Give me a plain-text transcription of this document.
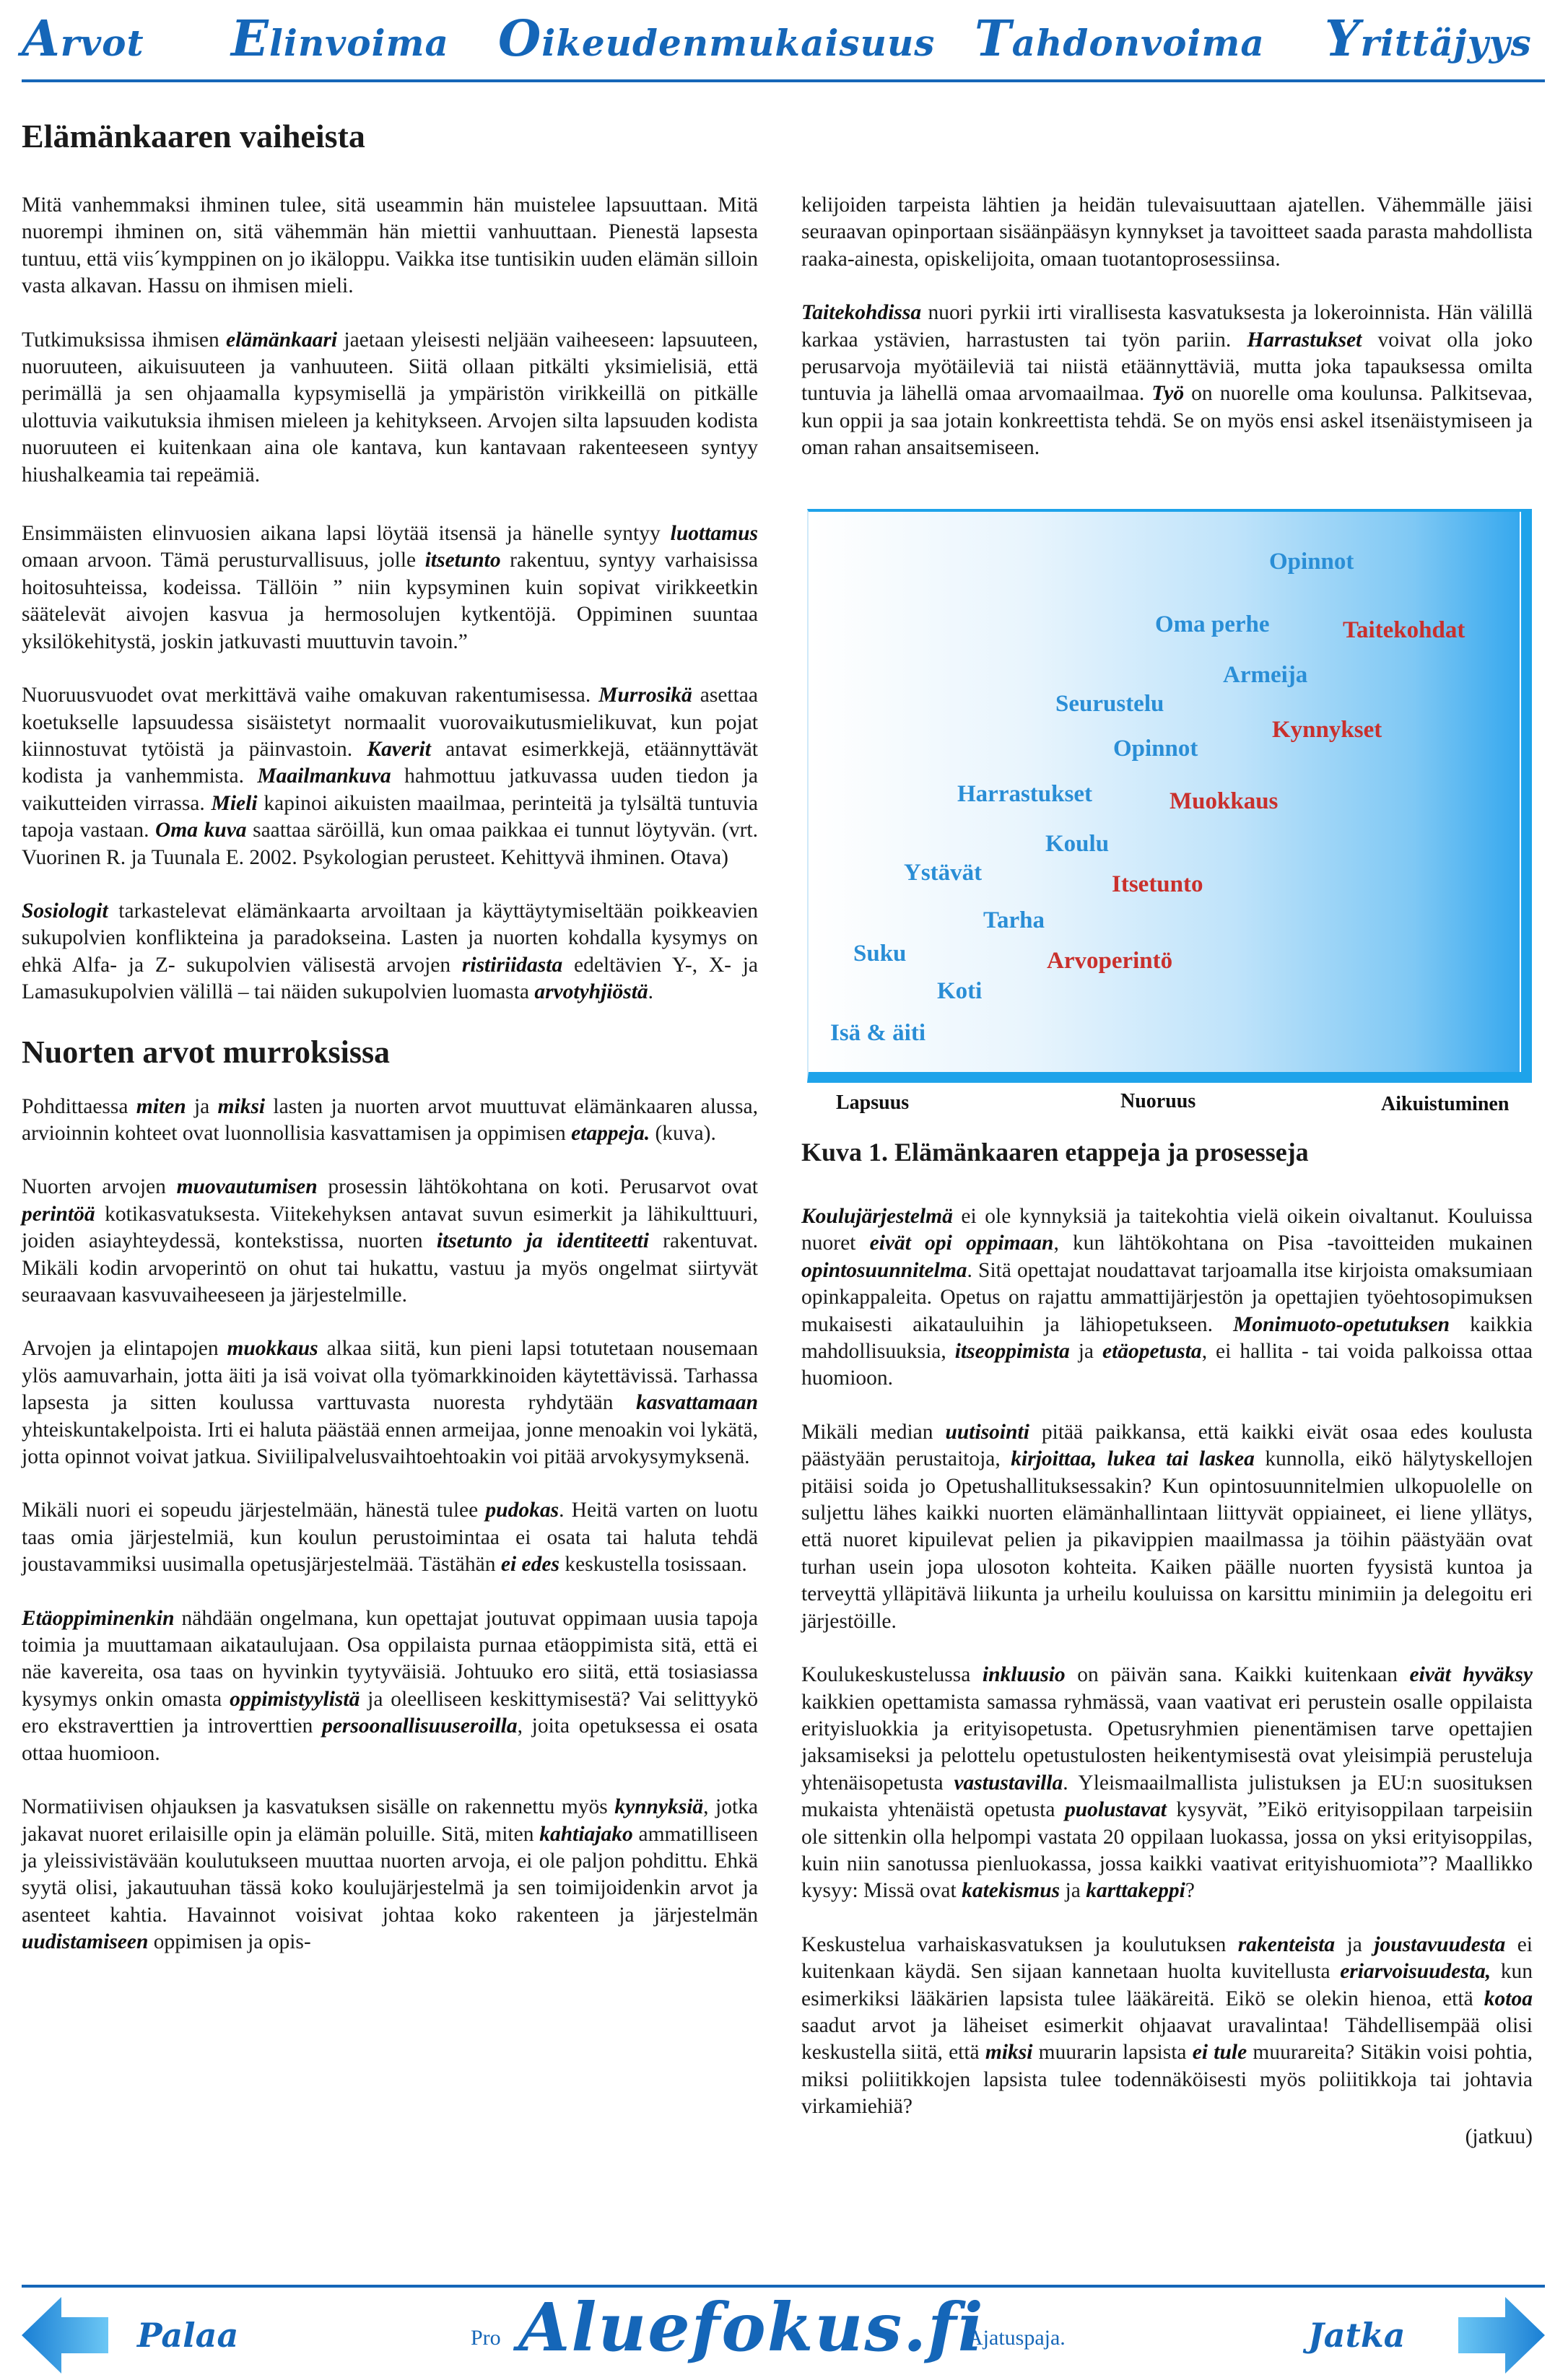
Arvot Elinvoima Oikeudenmukaisuus Tahdonvoima Yrittäjyys
Elämänkaaren vaiheista

Mitä vanhemmaksi ihminen tulee, sitä useammin hän muistelee lapsuuttaan. Mitä nuorempi ihminen on, sitä vähemmän hän miettii vanhuuttaan. Pienestä lapsesta tuntuu, että viis´kymppinen on jo ikäloppu. Vaikka itse tuntisikin uuden elämän silloin vasta alkavan. Hassu on ihmisen mieli.

Tutkimuksissa ihmisen elämänkaari jaetaan yleisesti neljään vaiheeseen: lapsuuteen, nuoruuteen, aikuisuuteen ja vanhuuteen. Siitä ollaan pitkälti yksimielisiä, että perimällä ja sen ohjaamalla kypsymisellä ja ympäristön virikkeillä on pitkälle ulottuvia vaikutuksia ihmisen mieleen ja kehitykseen. Arvojen silta lapsuuden kodista nuoruuteen ei kuitenkaan aina ole kantava, kun kantavaan rakenteeseen syntyy hiushalkeamia tai repeämiä.

Ensimmäisten elinvuosien aikana lapsi löytää itsensä ja hänelle syntyy luottamus omaan arvoon. Tämä perusturvallisuus, jolle itsetunto rakentuu, syntyy varhaisissa hoitosuhteissa, kodeissa. Tällöin ” niin kypsyminen kuin sopivat virikkeetkin säätelevät aivojen kasvua ja hermosolujen kytkentöjä. Oppiminen suuntaa yksilökehitystä, joskin jatkuvasti muuttuvin tavoin.”

Nuoruusvuodet ovat merkittävä vaihe omakuvan rakentumisessa. Murrosikä asettaa koetukselle lapsuudessa sisäistetyt normaalit vuorovaikutusmielikuvat, kun pojat kiinnostuvat tytöistä ja päinvastoin. Kaverit antavat esimerkkejä, etäännyttävät kodista ja vanhemmista. Maailmankuva hahmottuu jatkuvassa uuden tiedon ja vaikutteiden virrassa. Mieli kapinoi aikuisten maailmaa, perinteitä ja tylsältä tuntuvia tapoja vastaan. Oma kuva saattaa säröillä, kun omaa paikkaa ei tunnut löytyvän. (vrt. Vuorinen R. ja Tuunala E. 2002. Psykologian perusteet. Kehittyvä ihminen. Otava)

Sosiologit tarkastelevat elämänkaarta arvoiltaan ja käyttäytymiseltään poikkeavien sukupolvien konflikteina ja paradokseina. Lasten ja nuorten kohdalla kysymys on ehkä Alfa- ja Z- sukupolvien välisestä arvojen ristiriidasta edeltävien Y-, X- ja Lamasukupolvien välillä – tai näiden sukupolvien luomasta arvotyhjiöstä.

Nuorten arvot murroksissa

Pohdittaessa miten ja miksi lasten ja nuorten arvot muuttuvat elämänkaaren alussa, arvioinnin kohteet ovat luonnollisia kasvattamisen ja oppimisen etappeja. (kuva).

Nuorten arvojen muovautumisen prosessin lähtökohtana on koti. Perusarvot ovat perintöä kotikasvatuksesta. Viitekehyksen antavat suvun esimerkit ja lähikulttuuri, joiden asiayhteydessä, kontekstissa, nuorten itsetunto ja identiteetti rakentuvat. Mikäli kodin arvoperintö on ohut tai hukattu, vastuu ja myös ongelmat siirtyvät seuraavaan kasvuvaiheeseen ja järjestelmille.

Arvojen ja elintapojen muokkaus alkaa siitä, kun pieni lapsi totutetaan nousemaan ylös aamuvarhain, jotta äiti ja isä voivat olla työmarkkinoiden käytettävissä. Tarhassa lapsesta ja sitten koulussa varttuvasta nuoresta ryhdytään kasvattamaan yhteiskuntakelpoista. Irti ei haluta päästää ennen armeijaa, jonne menoakin voi lykätä, jotta opinnot voivat jatkua. Siviilipalvelusvaihtoehtoakin voi pitää arvokysymyksenä.

Mikäli nuori ei sopeudu järjestelmään, hänestä tulee pudokas. Heitä varten on luotu taas omia järjestelmiä, kun koulun perustoimintaa ei osata tai haluta tehdä joustavammiksi uusimalla opetusjärjestelmää. Tästähän ei edes keskustella tosissaan.

Etäoppiminenkin nähdään ongelmana, kun opettajat joutuvat oppimaan uusia tapoja toimia ja muuttamaan aikataulujaan. Osa oppilaista purnaa etäoppimista sitä, että ei näe kavereita, osa taas on hyvinkin tyytyväisiä. Johtuuko ero siitä, että tosiasiassa kysymys onkin omasta oppimistyylistä ja oleelliseen keskittymisestä? Vai selittyykö ero ekstraverttien ja introverttien persoonallisuuseroilla, joita opetuksessa ei osata ottaa huomioon.

Normatiivisen ohjauksen ja kasvatuksen sisälle on rakennettu myös kynnyksiä, jotka jakavat nuoret erilaisille opin ja elämän poluille. Sitä, miten kahtiajako ammatilliseen ja yleissivistävään koulutukseen muuttaa nuorten arvoja, ei ole paljon pohdittu. Ehkä syytä olisi, jakautuuhan tässä koko koulujärjestelmä ja sen toimijoidenkin arvot ja asenteet kahtia. Havainnot voisivat johtaa koko rakenteen ja järjestelmän uudistamiseen oppimisen ja opis-

kelijoiden tarpeista lähtien ja heidän tulevaisuuttaan ajatellen. Vähemmälle jäisi seuraavan opinportaan sisäänpääsyn kynnykset ja tavoitteet saada parasta mahdollista raaka-ainesta, opiskelijoita, omaan tuotantoprosessiinsa.

Taitekohdissa nuori pyrkii irti virallisesta kasvatuksesta ja lokeroinnista. Hän välillä karkaa ystävien, harrastusten tai työn pariin. Harrastukset voivat olla joko perusarvoja myötäileviä tai niistä etäännyttäviä, mutta joka tapauksessa omilta tuntuvia ja lähellä omaa arvomaailmaa. Työ on nuorelle oma koulunsa. Palkitsevaa, kun oppii ja saa jotain konkreettista tehdä. Se on myös ensi askel itsenäistymiseen ja oman rahan ansaitsemiseen.

Opinnot
Oma perhe	Taitekohdat
Armeija
Seurustelu
Kynnykset
Opinnot
Harrastukset	Muokkaus
Koulu
Ystävät	Itsetunto
Tarha
Suku	Arvoperintö
Koti
Isä & äiti
Lapsuus	Nuoruus	Aikuistuminen
Kuva 1. Elämänkaaren etappeja ja prosesseja

Koulujärjestelmä ei ole kynnyksiä ja taitekohtia vielä oikein oivaltanut. Kouluissa nuoret eivät opi oppimaan, kun lähtökohtana on Pisa -tavoitteiden mukainen opintosuunnitelma. Sitä opettajat noudattavat tarjoamalla itse kirjoista omaksumiaan opinkappaleita. Opetus on rajattu ammattijärjestön ja opettajien työehtosopimuksen mukaisesti aikatauluihin ja lähiopetukseen. Monimuoto-opetutuksen kaikkia mahdollisuuksia, itseoppimista ja etäopetusta, ei hallita - tai voida palkoissa ottaa huomioon.

Mikäli median uutisointi pitää paikkansa, että kaikki eivät osaa edes koulusta päästyään perustaitoja, kirjoittaa, lukea tai laskea kunnolla, eikö hälytyskellojen pitäisi soida jo Opetushallituksessakin? Kun opintosuunnitelmien ulkopuolelle on suljettu lähes kaikki nuorten elämänhallintaan liittyvät oppiaineet, ei liene yllätys, että nuoret kipuilevat pelien ja pikavippien maailmassa ja töihin päästyään ovat turhan usein jopa ulosoton kohteita. Kaiken päälle nuorten fyysistä kuntoa ja terveyttä ylläpitävä liikunta ja urheilu kouluissa on karsittu minimiin ja delegoitu eri järjestöille.

Koulukeskustelussa inkluusio on päivän sana. Kaikki kuitenkaan eivät hyväksy kaikkien opettamista samassa ryhmässä, vaan vaativat eri perustein osalle oppilaista erityisluokkia ja erityisopetusta. Opetusryhmien pienentämisen tarve opettajien jaksamiseksi ja pelottelu opetustulosten heikentymisestä ovat yleisimpiä perusteluja yhtenäisopetusta vastustavilla. Yleismaailmallista julistuksen ja EU:n suosituksen mukaista yhtenäistä opetusta puolustavat kysyvät, ”Eikö erityisoppilaan tarpeisiin ole sittenkin olla helpompi vastata 20 oppilaan luokassa, jossa on yksi erityisoppilas, kuin niin sanotussa pienluokassa, jossa kaikki vaativat erityishuomiota”? Maallikko kysyy: Missä ovat katekismus ja karttakeppi?

Keskustelua varhaiskasvatuksen ja koulutuksen rakenteista ja joustavuudesta ei kuitenkaan käydä. Sen sijaan kannetaan huolta kuvitellusta eriarvoisuudesta, kun esimerkiksi lääkärien lapsista tulee lääkäreitä. Eikö se olekin hienoa, että kotoa saadut arvot ja läheiset esimerkit ohjaavat uravalintaa! Tähdellisempää olisi keskustella siitä, että miksi muurarin lapsista ei tule muurareita? Sitäkin voisi pohtia, miksi poliitikkojen lapsista tulee todennäköisesti myös poliitikkoja tai johtavia virkamiehiä?

(jatkuu)
Palaa	Pro Aluefokus.fi
Ajatuspaja.	Jatka
